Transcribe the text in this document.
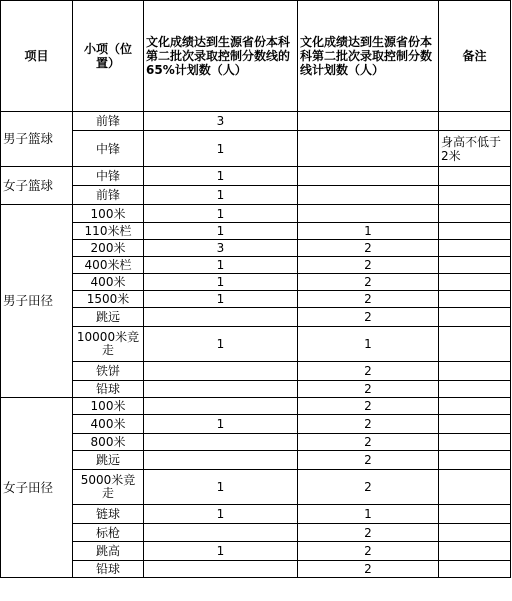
项目	小项（位置）	文化成绩达到生源省份本科第二批次录取控制分数线的65%计划数（人）	文化成绩达到生源省份本科第二批次录取控制分数线计划数（人）	备注
男子篮球	前锋	3		
	中锋	1		身高不低于2米
女子篮球	中锋	1		
	前锋	1		
男子田径	100米	1		
	110米栏	1	1	
	200米	3	2	
	400米栏	1	2	
	400米	1	2	
	1500米	1	2	
	跳远		2	
	10000米竞走	1	1	
	铁饼		2	
	铅球		2	
女子田径	100米		2	
	400米	1	2	
	800米		2	
	跳远		2	
	5000米竞走	1	2	
	链球	1	1	
	标枪		2	
	跳高	1	2	
	铅球		2	
